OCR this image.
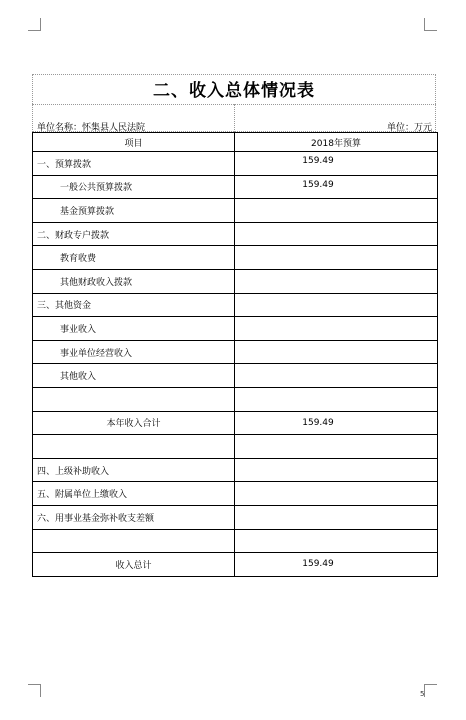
二、收入总体情况表
单位名称：怀集县人民法院	单位：万元
项目	2018年预算
一、预算拨款	159.49
一般公共预算拨款	159.49
基金预算拨款	
二、财政专户拨款	
教育收费	
其他财政收入拨款	
三、其他资金	
事业收入	
事业单位经营收入	
其他收入	

本年收入合计	159.49

四、上级补助收入	
五、附属单位上缴收入	
六、用事业基金弥补收支差额	

收入总计	159.49
5
